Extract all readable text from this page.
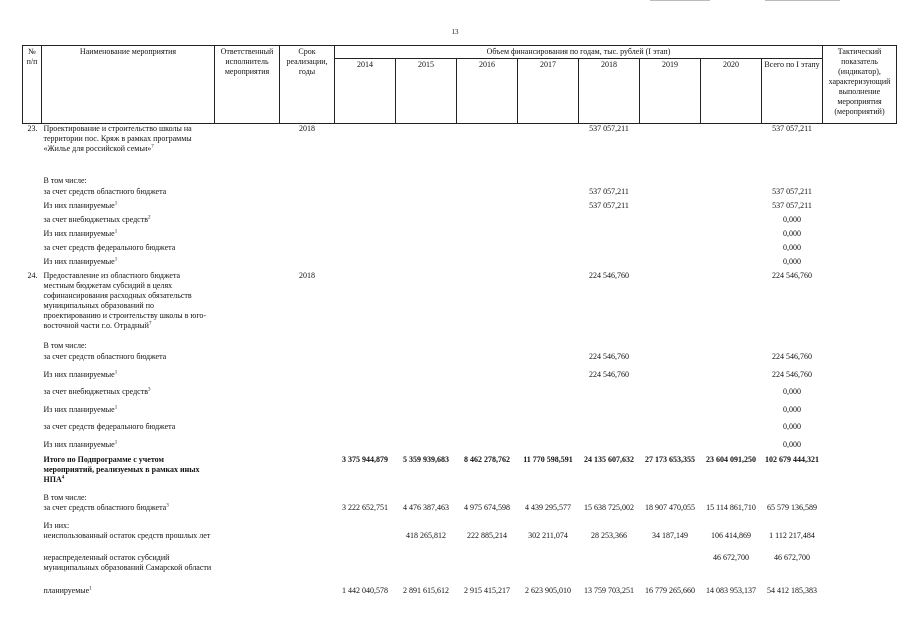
13
№ п/п	Наименование мероприятия	Ответственный исполнитель мероприятия	Срок реализации, годы	Объем финансирования по годам, тыс. рублей (I этап)								Тактический показатель (индикатор), характеризующий выполнение мероприятия (мероприятий)
				2014	2015	2016	2017	2018	2019	2020	Всего по I этапу	
23.	Проектирование и строительство школы на территории пос. Кряж в рамках программы «Жилье для российской семьи»$^7$		2018					537 057,211			537 057,211	
	В том числе:											
	за счет средств областного бюджета							537 057,211			537 057,211	
	Из них планируемые$^1$							537 057,211			537 057,211	
	за счет внебюджетных средств$^2$										0,000	
	Из них планируемые$^1$										0,000	
	за счет средств федерального бюджета										0,000	
	Из них планируемые$^1$										0,000	
24.	Предоставление из областного бюджета местным бюджетам субсидий в целях софинансирования расходных обязательств муниципальных образований по проектированию и строительству школы в юго-восточной части г.о. Отрадный$^7$		2018					224 546,760			224 546,760	
	В том числе:											
	за счет средств областного бюджета							224 546,760			224 546,760	
	Из них планируемые$^1$							224 546,760			224 546,760	
	за счет внебюджетных средств$^3$										0,000	
	Из них планируемые$^1$										0,000	
	за счет средств федерального бюджета										0,000	
	Из них планируемые$^1$										0,000	
	Итого по Подпрограмме с учетом мероприятий, реализуемых в рамках иных НПА$^4$			3 375 944,879	5 359 939,683	8 462 278,762	11 770 598,591	24 135 607,632	27 173 653,355	23 604 091,250	102 679 444,321	
	В том числе:											
	за счет средств областного бюджета$^3$			3 222 652,751	4 476 387,463	4 975 674,598	4 439 295,577	15 638 725,002	18 907 470,055	15 114 861,710	65 579 136,589	
	Из них:											
	неиспользованный остаток средств прошлых лет				418 265,812	222 885,214	302 211,074	28 253,366	34 187,149	106 414,869	1 112 217,484	
	нераспределенный остаток субсидий муниципальных образований Самарской области									46 672,700	46 672,700	
	планируемые$^1$			1 442 040,578	2 891 615,612	2 915 415,217	2 623 905,010	13 759 703,251	16 779 265,660	14 083 953,137	54 412 185,383	
